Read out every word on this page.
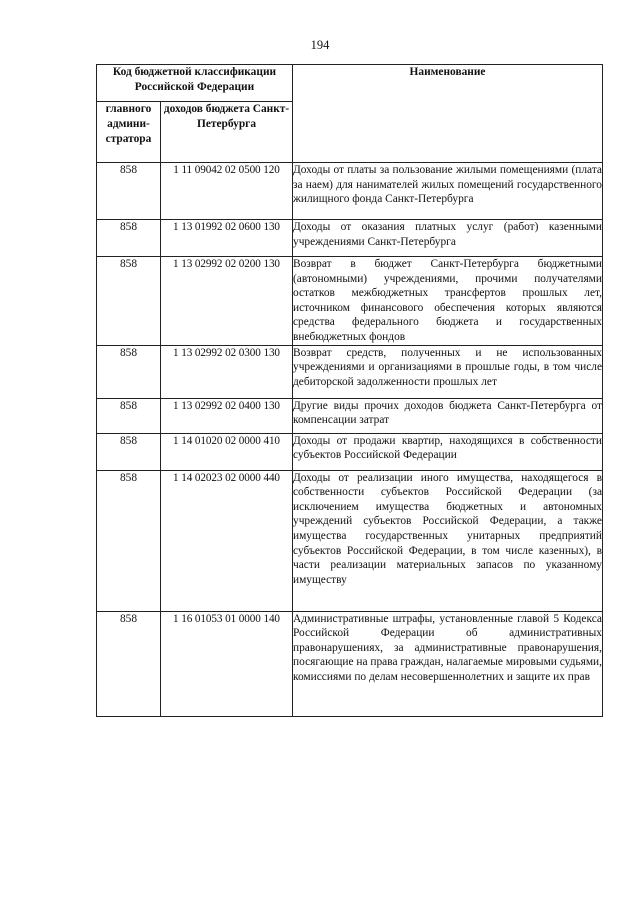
194
Код бюджетной классификации Российской Федерации		Наименование
главного админи-стратора	доходов бюджета Санкт-Петербурга	
858	1 11 09042 02 0500 120	Доходы от платы за пользование жилыми помещениями (плата за наем) для нанимателей жилых помещений государственного жилищного фонда Санкт-Петербурга
858	1 13 01992 02 0600 130	Доходы от оказания платных услуг (работ) казенными учреждениями Санкт-Петербурга
858	1 13 02992 02 0200 130	Возврат в бюджет Санкт-Петербурга бюджетными (автономными) учреждениями, прочими получателями остатков межбюджетных трансфертов прошлых лет, источником финансового обеспечения которых являются средства федерального бюджета и государственных внебюджетных фондов
858	1 13 02992 02 0300 130	Возврат средств, полученных и не использованных учреждениями и организациями в прошлые годы, в том числе дебиторской задолженности прошлых лет
858	1 13 02992 02 0400 130	Другие виды прочих доходов бюджета Санкт-Петербурга от компенсации затрат
858	1 14 01020 02 0000 410	Доходы от продажи квартир, находящихся в собственности субъектов Российской Федерации
858	1 14 02023 02 0000 440	Доходы от реализации иного имущества, находящегося в собственности субъектов Российской Федерации (за исключением имущества бюджетных и автономных учреждений субъектов Российской Федерации, а также имущества государственных унитарных предприятий субъектов Российской Федерации, в том числе казенных), в части реализации материальных запасов по указанному имуществу
858	1 16 01053 01 0000 140	Административные штрафы, установленные главой 5 Кодекса Российской Федерации об административных правонарушениях, за административные правонарушения, посягающие на права граждан, налагаемые мировыми судьями, комиссиями по делам несовершеннолетних и защите их прав
